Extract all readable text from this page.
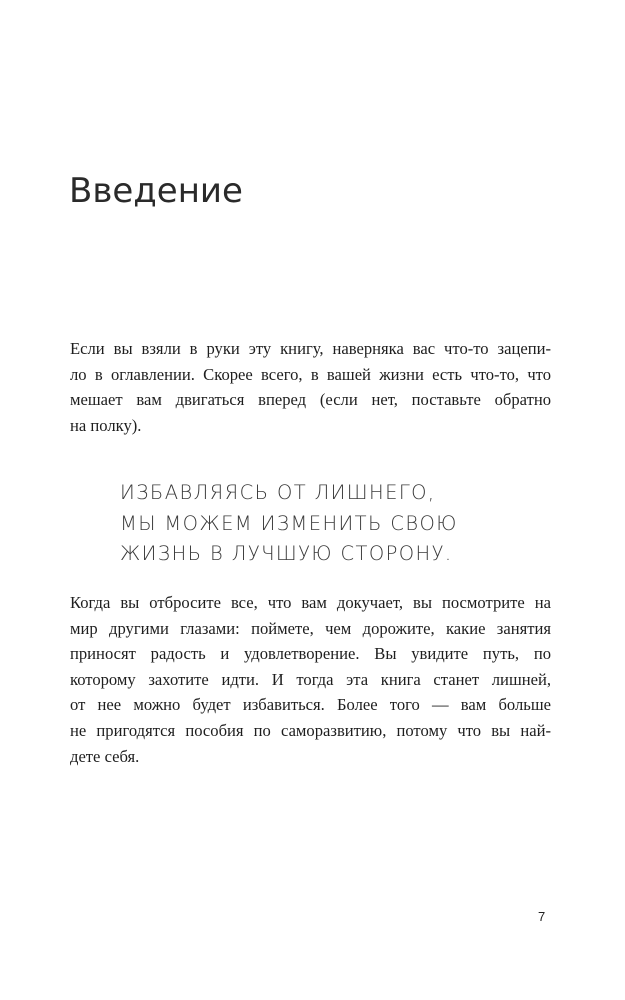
Введение

Если вы взяли в руки эту книгу, наверняка вас что-то зацепи-
ло в оглавлении. Скорее всего, в вашей жизни есть что-то, что
мешает вам двигаться вперед (если нет, поставьте обратно
на полку).

ИЗБАВЛЯЯСЬ ОТ ЛИШНЕГО,
МЫ МОЖЕМ ИЗМЕНИТЬ СВОЮ
ЖИЗНЬ В ЛУЧШУЮ СТОРОНУ.

Когда вы отбросите все, что вам докучает, вы посмотрите на
мир другими глазами: поймете, чем дорожите, какие занятия
приносят радость и удовлетворение. Вы увидите путь, по
которому захотите идти. И тогда эта книга станет лишней,
от нее можно будет избавиться. Более того — вам больше
не пригодятся пособия по саморазвитию, потому что вы най-
дете себя.

7
